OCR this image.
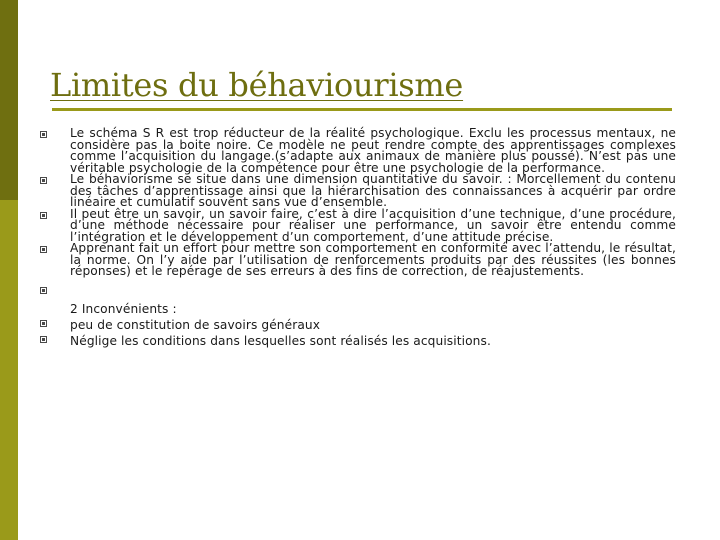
Limites du béhaviourisme
Le schéma S R est trop réducteur de la réalité psychologique. Exclu les processus mentaux, ne considère pas la boite noire. Ce modèle ne peut rendre compte des apprentissages complexes comme l’acquisition du langage.(s’adapte aux animaux de manière plus poussé). N’est pas une véritable psychologie de la compétence pour être une psychologie de la performance.
Le béhaviorisme se situe dans une dimension quantitative du savoir. : Morcellement du contenu des tâches d’apprentissage ainsi que la hiérarchisation des connaissances à acquérir par ordre linéaire et cumulatif souvent sans vue d’ensemble.
Il peut être un savoir, un savoir faire, c’est à dire l’acquisition d’une technique, d’une procédure, d’une méthode nécessaire pour réaliser une performance, un savoir être entendu comme l’intégration et le développement d’un comportement, d’une attitude précise.
Apprenant fait un effort pour mettre son comportement en conformité avec l’attendu, le résultat, la norme. On l’y aide par l’utilisation de renforcements produits par des réussites (les bonnes réponses) et le repérage de ses erreurs à des fins de correction, de réajustements.
2 Inconvénients :
peu de constitution de savoirs généraux
Néglige les conditions dans lesquelles sont réalisés les acquisitions.
